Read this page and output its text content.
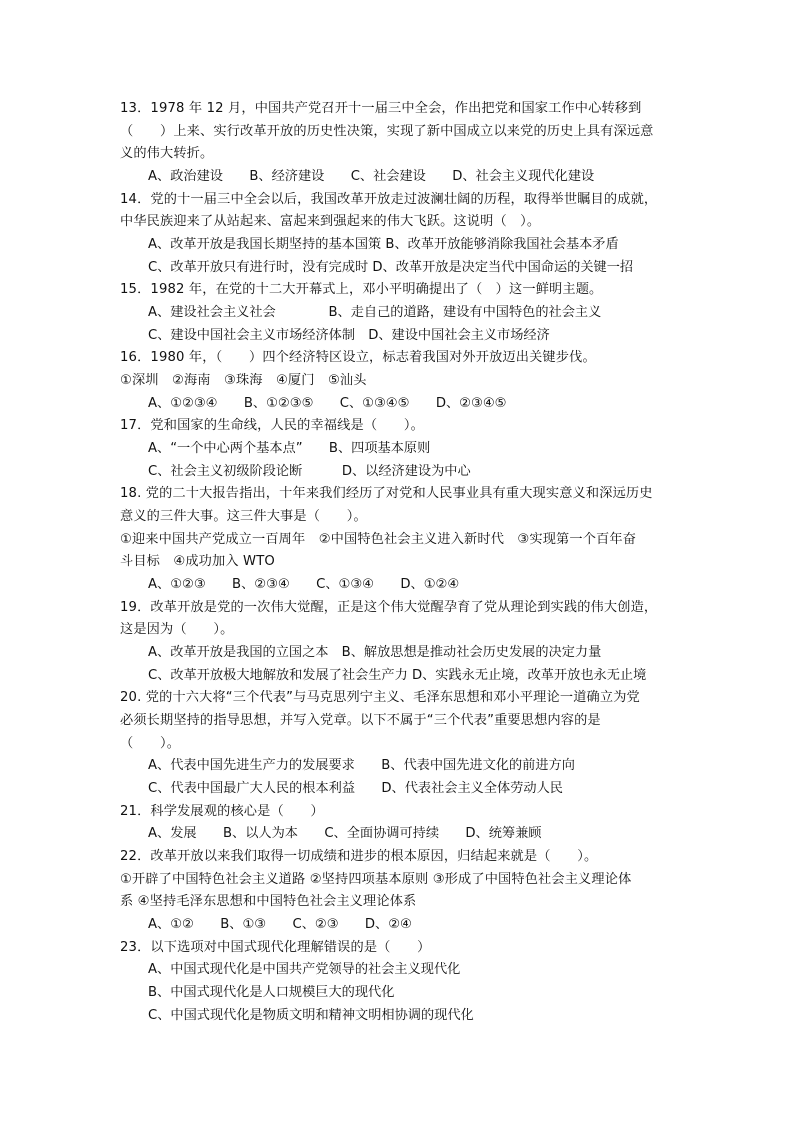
13．1978 年 12 月，中国共产党召开十一届三中全会，作出把党和国家工作中心转移到
（　　）上来、实行改革开放的历史性决策，实现了新中国成立以来党的历史上具有深远意
义的伟大转折。
A、政治建设　　B、经济建设　　C、社会建设　　D、社会主义现代化建设
14．党的十一届三中全会以后，我国改革开放走过波澜壮阔的历程，取得举世瞩目的成就，
中华民族迎来了从站起来、富起来到强起来的伟大飞跃。这说明（　）。
A、改革开放是我国长期坚持的基本国策 B、改革开放能够消除我国社会基本矛盾
C、改革开放只有进行时，没有完成时 D、改革开放是决定当代中国命运的关键一招
15．1982 年，在党的十二大开幕式上，邓小平明确提出了（　）这一鲜明主题。
A、建设社会主义社会　　　　B、走自己的道路，建设有中国特色的社会主义
C、建设中国社会主义市场经济体制　D、建设中国社会主义市场经济
16．1980 年，（　　）四个经济特区设立，标志着我国对外开放迈出关键步伐。
①深圳　②海南　③珠海　④厦门　⑤汕头
A、①②③④　　B、①②③⑤　　C、①③④⑤　　D、②③④⑤
17．党和国家的生命线，人民的幸福线是（　　）。
A、“一个中心两个基本点”　　B、四项基本原则
C、社会主义初级阶段论断　　　D、以经济建设为中心
18. 党的二十大报告指出，十年来我们经历了对党和人民事业具有重大现实意义和深远历史
意义的三件大事。这三件大事是（　　）。
①迎来中国共产党成立一百周年　②中国特色社会主义进入新时代　③实现第一个百年奋
斗目标　④成功加入 WTO
A、①②③　　B、②③④　　C、①③④　　D、①②④
19．改革开放是党的一次伟大觉醒，正是这个伟大觉醒孕育了党从理论到实践的伟大创造，
这是因为（　　）。
A、改革开放是我国的立国之本　B、解放思想是推动社会历史发展的决定力量
C、改革开放极大地解放和发展了社会生产力 D、实践永无止境，改革开放也永无止境
20. 党的十六大将“三个代表”与马克思列宁主义、毛泽东思想和邓小平理论一道确立为党
必须长期坚持的指导思想，并写入党章。以下不属于“三个代表”重要思想内容的是
（　　）。
A、代表中国先进生产力的发展要求　　B、代表中国先进文化的前进方向
C、代表中国最广大人民的根本利益　　D、代表社会主义全体劳动人民
21．科学发展观的核心是（　　）
A、发展　　B、以人为本　　C、全面协调可持续　　D、统筹兼顾
22．改革开放以来我们取得一切成绩和进步的根本原因，归结起来就是（　　）。
①开辟了中国特色社会主义道路 ②坚持四项基本原则 ③形成了中国特色社会主义理论体
系 ④坚持毛泽东思想和中国特色社会主义理论体系
A、①②　　B、①③　　C、②③　　D、②④
23．以下选项对中国式现代化理解错误的是（　　）
A、中国式现代化是中国共产党领导的社会主义现代化
B、中国式现代化是人口规模巨大的现代化
C、中国式现代化是物质文明和精神文明相协调的现代化
